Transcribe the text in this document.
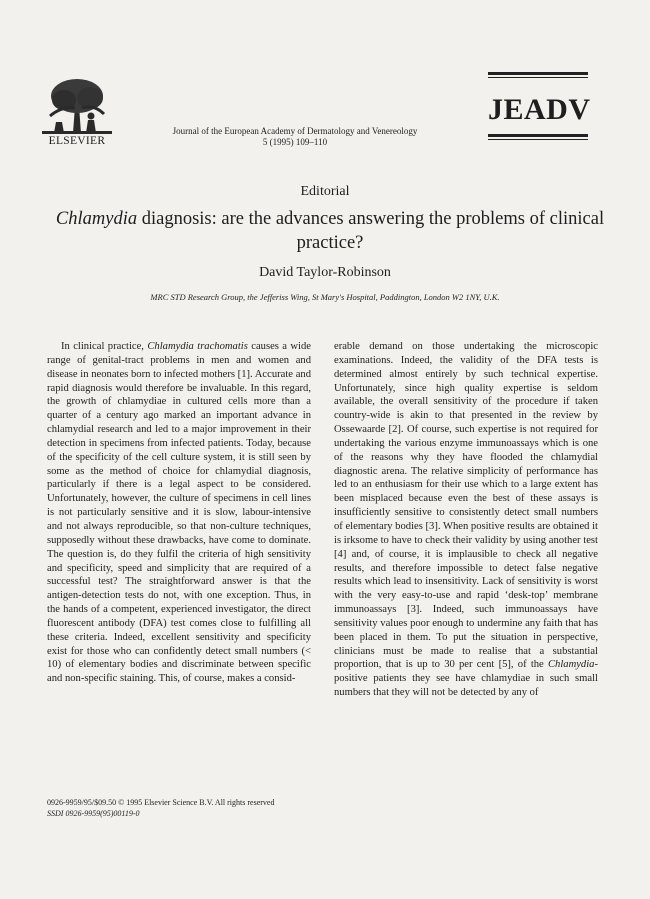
ELSEVIER
Journal of the European Academy of Dermatology and Venereology
5 (1995) 109–110
JEADV
Editorial
Chlamydia diagnosis: are the advances answering the problems of clinical practice?
David Taylor-Robinson
MRC STD Research Group, the Jefferiss Wing, St Mary's Hospital, Paddington, London W2 1NY, U.K.

In clinical practice, Chlamydia trachomatis causes a wide range of genital-tract problems in men and women and disease in neonates born to infected mothers [1]. Accurate and rapid diagnosis would therefore be invaluable. In this regard, the growth of chlamydiae in cultured cells more than a quarter of a century ago marked an important advance in chlamydial research and led to a major improvement in their detection in specimens from infected patients. Today, because of the specificity of the cell culture system, it is still seen by some as the method of choice for chlamydial diagnosis, particularly if there is a legal aspect to be considered. Unfortunately, however, the culture of specimens in cell lines is not particularly sensitive and it is slow, labour-intensive and not always reproducible, so that non-culture techniques, supposedly without these drawbacks, have come to dominate. The question is, do they fulfil the criteria of high sensitivity and specificity, speed and simplicity that are required of a successful test? The straightforward answer is that the antigen-detection tests do not, with one exception. Thus, in the hands of a competent, experienced investigator, the direct fluorescent antibody (DFA) test comes close to fulfilling all these criteria. Indeed, excellent sensitivity and specificity exist for those who can confidently detect small numbers (< 10) of elementary bodies and discriminate between specific and non-specific staining. This, of course, makes a consid-

erable demand on those undertaking the microscopic examinations. Indeed, the validity of the DFA tests is determined almost entirely by such technical expertise. Unfortunately, since high quality expertise is seldom available, the overall sensitivity of the procedure if taken country-wide is akin to that presented in the review by Ossewaarde [2]. Of course, such expertise is not required for undertaking the various enzyme immunoassays which is one of the reasons why they have flooded the chlamydial diagnostic arena. The relative simplicity of performance has led to an enthusiasm for their use which to a large extent has been misplaced because even the best of these assays is insufficiently sensitive to consistently detect small numbers of elementary bodies [3]. When positive results are obtained it is irksome to have to check their validity by using another test [4] and, of course, it is implausible to check all negative results, and therefore impossible to detect false negative results which lead to insensitivity. Lack of sensitivity is worst with the very easy-to-use and rapid ‘desk-top’ membrane immunoassays [3]. Indeed, such immunoassays have sensitivity values poor enough to undermine any faith that has been placed in them. To put the situation in perspective, clinicians must be made to realise that a substantial proportion, that is up to 30 per cent [5], of the Chlamydia-positive patients they see have chlamydiae in such small numbers that they will not be detected by any of

0926-9959/95/$09.50 © 1995 Elsevier Science B.V. All rights reserved
SSDI 0926-9959(95)00119-0
